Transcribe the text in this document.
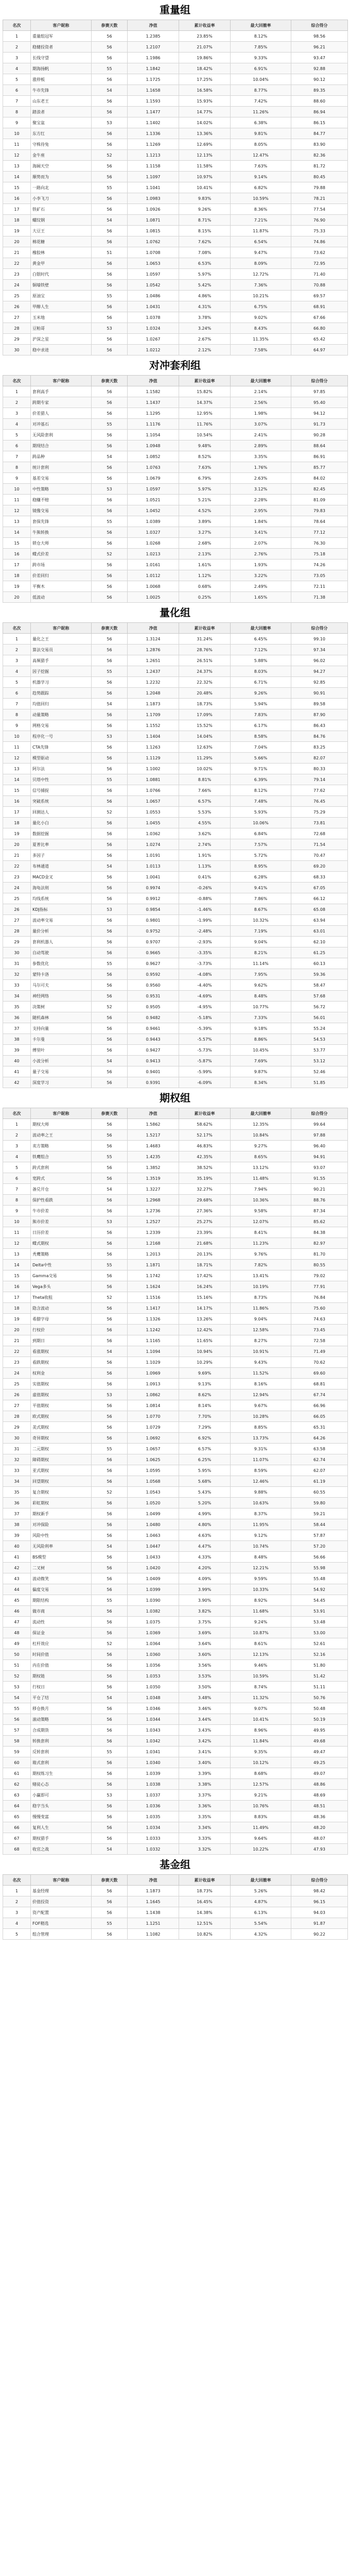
重量组
名次	客户昵称	参赛天数	净值	累计收益率	最大回撤率	综合得分
1	重量组冠军	56	1.2385	23.85%	8.12%	98.56
2	稳健投资者	56	1.2107	21.07%	7.85%	96.21
3	长线守望	56	1.1986	19.86%	9.33%	93.47
4	期海扬帆	55	1.1842	18.42%	6.91%	92.88
5	涨停板	56	1.1725	17.25%	10.04%	90.12
6	牛市先锋	54	1.1658	16.58%	8.77%	89.35
7	山东老王	56	1.1593	15.93%	7.42%	88.60
8	踏浪者	56	1.1477	14.77%	11.26%	86.94
9	聚宝盆	53	1.1402	14.02%	6.38%	86.15
10	东方红	56	1.1336	13.36%	9.81%	84.77
11	守株待兔	56	1.1269	12.69%	8.05%	83.90
12	金牛座	52	1.1213	12.13%	12.47%	82.36
13	海阔天空	56	1.1158	11.58%	7.63%	81.72
14	顺势而为	56	1.1097	10.97%	9.14%	80.45
15	一路向北	55	1.1041	10.41%	6.82%	79.88
16	小李飞刀	56	1.0983	9.83%	10.59%	78.21
17	铁矿石	56	1.0926	9.26%	8.36%	77.54
18	螺纹钢	54	1.0871	8.71%	7.21%	76.90
19	大豆王	56	1.0815	8.15%	11.87%	75.33
20	棉花糖	56	1.0762	7.62%	6.54%	74.86
21	橡胶林	51	1.0708	7.08%	9.47%	73.62
22	黄金甲	56	1.0653	6.53%	8.09%	72.95
23	白银时代	56	1.0597	5.97%	12.72%	71.40
24	铜墙铁壁	56	1.0542	5.42%	7.36%	70.88
25	原油宝	55	1.0486	4.86%	10.21%	69.57
26	甲醇人生	56	1.0431	4.31%	6.75%	68.91
27	玉米地	56	1.0378	3.78%	9.02%	67.66
28	豆粕哥	53	1.0324	3.24%	8.43%	66.80
29	沪深之星	56	1.0267	2.67%	11.35%	65.42
30	稳中求进	56	1.0212	2.12%	7.58%	64.97
对冲套利组
名次	客户昵称	参赛天数	净值	累计收益率	最大回撤率	综合得分
1	套利高手	56	1.1582	15.82%	2.14%	97.85
2	跨期专家	56	1.1437	14.37%	2.56%	95.40
3	价差猎人	56	1.1295	12.95%	1.98%	94.12
4	对冲基石	55	1.1176	11.76%	3.07%	91.73
5	无风险套利	56	1.1054	10.54%	2.41%	90.28
6	期现结合	56	1.0948	9.48%	2.89%	88.64
7	跨品种	54	1.0852	8.52%	3.35%	86.91
8	统计套利	56	1.0763	7.63%	1.76%	85.77
9	基差交易	56	1.0679	6.79%	2.63%	84.02
10	中性策略	53	1.0597	5.97%	3.12%	82.45
11	稳赚不赔	56	1.0521	5.21%	2.28%	81.09
12	镜像交易	56	1.0452	4.52%	2.95%	79.83
13	套保先锋	55	1.0389	3.89%	1.84%	78.64
14	牛熊转换	56	1.0327	3.27%	3.41%	77.12
15	锁仓大师	56	1.0268	2.68%	2.07%	76.30
16	蝶式价差	52	1.0213	2.13%	2.76%	75.18
17	跨市场	56	1.0161	1.61%	1.93%	74.26
18	价差回归	56	1.0112	1.12%	3.22%	73.05
19	平衡木	56	1.0068	0.68%	2.49%	72.11
20	低波动	56	1.0025	0.25%	1.65%	71.38
量化组
名次	客户昵称	参赛天数	净值	累计收益率	最大回撤率	综合得分
1	量化之王	56	1.3124	31.24%	6.45%	99.10
2	算法交易员	56	1.2876	28.76%	7.12%	97.34
3	高频猎手	56	1.2651	26.51%	5.88%	96.02
4	因子挖掘	55	1.2437	24.37%	8.03%	94.27
5	机器学习	56	1.2232	22.32%	6.71%	92.85
6	趋势跟踪	56	1.2048	20.48%	9.26%	90.91
7	均值回归	54	1.1873	18.73%	5.94%	89.58
8	动量策略	56	1.1709	17.09%	7.83%	87.90
9	网格交易	56	1.1552	15.52%	6.17%	86.43
10	程序化一号	53	1.1404	14.04%	8.58%	84.76
11	CTA先锋	56	1.1263	12.63%	7.04%	83.25
12	模型驱动	56	1.1129	11.29%	5.66%	82.07
13	阿尔法	56	1.1002	10.02%	9.71%	80.33
14	贝塔中性	55	1.0881	8.81%	6.39%	79.14
15	信号捕捉	56	1.0766	7.66%	8.12%	77.62
16	突破系统	56	1.0657	6.57%	7.48%	76.45
17	回测达人	52	1.0553	5.53%	5.93%	75.29
18	量化小白	56	1.0455	4.55%	10.06%	73.81
19	数据挖掘	56	1.0362	3.62%	6.84%	72.68
20	夏普比率	56	1.0274	2.74%	7.57%	71.54
21	多因子	56	1.0191	1.91%	5.72%	70.47
22	布林通道	54	1.0113	1.13%	8.95%	69.20
23	MACD金叉	56	1.0041	0.41%	6.28%	68.33
24	海龟法则	56	0.9974	-0.26%	9.41%	67.05
25	均线系统	56	0.9912	-0.88%	7.86%	66.12
26	KDJ指标	53	0.9854	-1.46%	8.67%	65.08
27	波动率交易	56	0.9801	-1.99%	10.32%	63.94
28	量价分析	56	0.9752	-2.48%	7.19%	63.01
29	套利机器人	56	0.9707	-2.93%	9.04%	62.10
30	自动驾驶	56	0.9665	-3.35%	8.21%	61.25
31	参数优化	55	0.9627	-3.73%	11.14%	60.13
32	蒙特卡洛	56	0.9592	-4.08%	7.95%	59.36
33	马尔可夫	56	0.9560	-4.40%	9.62%	58.47
34	神经网络	56	0.9531	-4.69%	8.48%	57.68
35	决策树	52	0.9505	-4.95%	10.77%	56.72
36	随机森林	56	0.9482	-5.18%	7.33%	56.01
37	支持向量	56	0.9461	-5.39%	9.18%	55.24
38	卡尔曼	56	0.9443	-5.57%	8.86%	54.53
39	傅里叶	56	0.9427	-5.73%	10.45%	53.77
40	小波分析	54	0.9413	-5.87%	7.69%	53.12
41	量子交易	56	0.9401	-5.99%	9.87%	52.46
42	深度学习	56	0.9391	-6.09%	8.34%	51.85
期权组
名次	客户昵称	参赛天数	净值	累计收益率	最大回撤率	综合得分
1	期权大师	56	1.5862	58.62%	12.35%	99.64
2	波动率之王	56	1.5217	52.17%	10.84%	97.88
3	卖方策略	56	1.4683	46.83%	9.27%	96.40
4	铁鹰组合	55	1.4235	42.35%	8.65%	94.91
5	跨式套利	56	1.3852	38.52%	13.12%	93.07
6	宽跨式	56	1.3519	35.19%	11.48%	91.55
7	备兑开仓	54	1.3227	32.27%	7.94%	90.21
8	保护性看跌	56	1.2968	29.68%	10.36%	88.76
9	牛市价差	56	1.2736	27.36%	9.58%	87.34
10	熊市价差	53	1.2527	25.27%	12.07%	85.62
11	日历价差	56	1.2339	23.39%	8.41%	84.38
12	蝶式期权	56	1.2168	21.68%	11.23%	82.97
13	秃鹰策略	56	1.2013	20.13%	9.76%	81.70
14	Delta中性	55	1.1871	18.71%	7.82%	80.55
15	Gamma交易	56	1.1742	17.42%	13.41%	79.02
16	Vega多头	56	1.1624	16.24%	10.19%	77.91
17	Theta收租	52	1.1516	15.16%	8.73%	76.84
18	隐含波动	56	1.1417	14.17%	11.86%	75.60
19	希腊字母	56	1.1326	13.26%	9.04%	74.63
20	行权价	56	1.1242	12.42%	12.58%	73.45
21	到期日	56	1.1165	11.65%	8.27%	72.58
22	看涨期权	54	1.1094	10.94%	10.91%	71.49
23	看跌期权	56	1.1029	10.29%	9.43%	70.62
24	权利金	56	1.0969	9.69%	11.52%	69.60
25	实值期权	56	1.0913	9.13%	8.16%	68.81
26	虚值期权	53	1.0862	8.62%	12.94%	67.74
27	平值期权	56	1.0814	8.14%	9.67%	66.96
28	欧式期权	56	1.0770	7.70%	10.28%	66.05
29	美式期权	56	1.0729	7.29%	8.85%	65.31
30	奇异期权	56	1.0692	6.92%	13.73%	64.26
31	二元期权	55	1.0657	6.57%	9.31%	63.58
32	障碍期权	56	1.0625	6.25%	11.07%	62.74
33	亚式期权	56	1.0595	5.95%	8.59%	62.07
34	回望期权	56	1.0568	5.68%	12.46%	61.19
35	复合期权	52	1.0543	5.43%	9.88%	60.55
36	彩虹期权	56	1.0520	5.20%	10.63%	59.80
37	期权新手	56	1.0499	4.99%	8.37%	59.21
38	对冲保险	56	1.0480	4.80%	11.95%	58.44
39	风险中性	56	1.0463	4.63%	9.12%	57.87
40	无风险利率	54	1.0447	4.47%	10.74%	57.20
41	BS模型	56	1.0433	4.33%	8.48%	56.66
42	二叉树	56	1.0420	4.20%	12.21%	55.98
43	波动微笑	56	1.0409	4.09%	9.59%	55.48
44	偏度交易	56	1.0399	3.99%	10.33%	54.92
45	期限结构	55	1.0390	3.90%	8.92%	54.45
46	做市商	56	1.0382	3.82%	11.68%	53.91
47	流动性	56	1.0375	3.75%	9.24%	53.48
48	保证金	56	1.0369	3.69%	10.87%	53.00
49	杠杆效应	52	1.0364	3.64%	8.61%	52.61
50	时间价值	56	1.0360	3.60%	12.13%	52.16
51	内在价值	56	1.0356	3.56%	9.46%	51.80
52	期权链	56	1.0353	3.53%	10.59%	51.42
53	行权日	56	1.0350	3.50%	8.74%	51.11
54	平仓了结	54	1.0348	3.48%	11.32%	50.76
55	移仓换月	56	1.0346	3.46%	9.07%	50.48
56	滚动策略	56	1.0344	3.44%	10.41%	50.19
57	合成期货	56	1.0343	3.43%	8.96%	49.95
58	转换套利	56	1.0342	3.42%	11.84%	49.68
59	反转套利	55	1.0341	3.41%	9.35%	49.47
60	箱式套利	56	1.0340	3.40%	10.12%	49.25
61	期权练习生	56	1.0339	3.39%	8.68%	49.07
62	赌徒心态	56	1.0338	3.38%	12.57%	48.86
63	小赢即可	53	1.0337	3.37%	9.21%	48.69
64	稳字当头	56	1.0336	3.36%	10.76%	48.51
65	慢慢变富	56	1.0335	3.35%	8.83%	48.36
66	复利人生	56	1.0334	3.34%	11.49%	48.20
67	期权猎手	56	1.0333	3.33%	9.64%	48.07
68	收官之战	54	1.0332	3.32%	10.22%	47.93
基金组
名次	客户昵称	参赛天数	净值	累计收益率	最大回撤率	综合得分
1	基金经理	56	1.1873	18.73%	5.26%	98.42
2	价值投资	56	1.1645	16.45%	4.87%	96.15
3	资产配置	56	1.1438	14.38%	6.13%	94.03
4	FOF精选	55	1.1251	12.51%	5.54%	91.87
5	组合管理	56	1.1082	10.82%	4.32%	90.22
